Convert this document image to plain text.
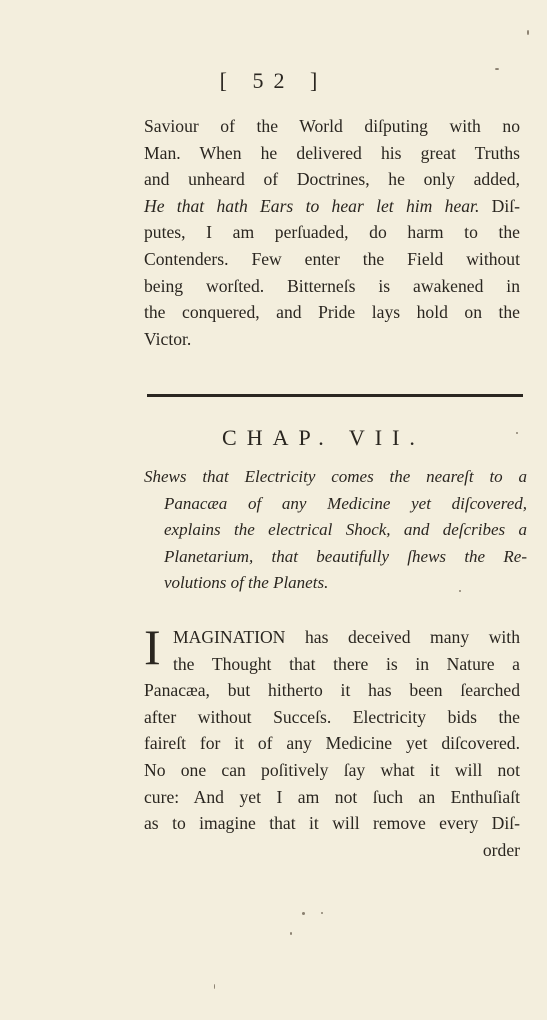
[ 52 ]
Saviour of the World diſputing with no
Man. When he delivered his great Truths
and unheard of Doctrines, he only added,
He that hath Ears to hear let him hear. Diſ-
putes, I am perſuaded, do harm to the
Contenders. Few enter the Field without
being worſted. Bitterneſs is awakened in
the conquered, and Pride lays hold on the
Victor.
CHAP. VII.
Shews that Electricity comes the neareſt to a
Panacæa of any Medicine yet diſcovered,
explains the electrical Shock, and deſcribes a
Planetarium, that beautifully ſhews the Re-
volutions of the Planets.
I MAGINATION has deceived many with
the Thought that there is in Nature a
Panacæa, but hitherto it has been ſearched
after without Succeſs. Electricity bids the
faireſt for it of any Medicine yet diſcovered.
No one can poſitively ſay what it will not
cure: And yet I am not ſuch an Enthuſiaſt
as to imagine that it will remove every Diſ-
order
